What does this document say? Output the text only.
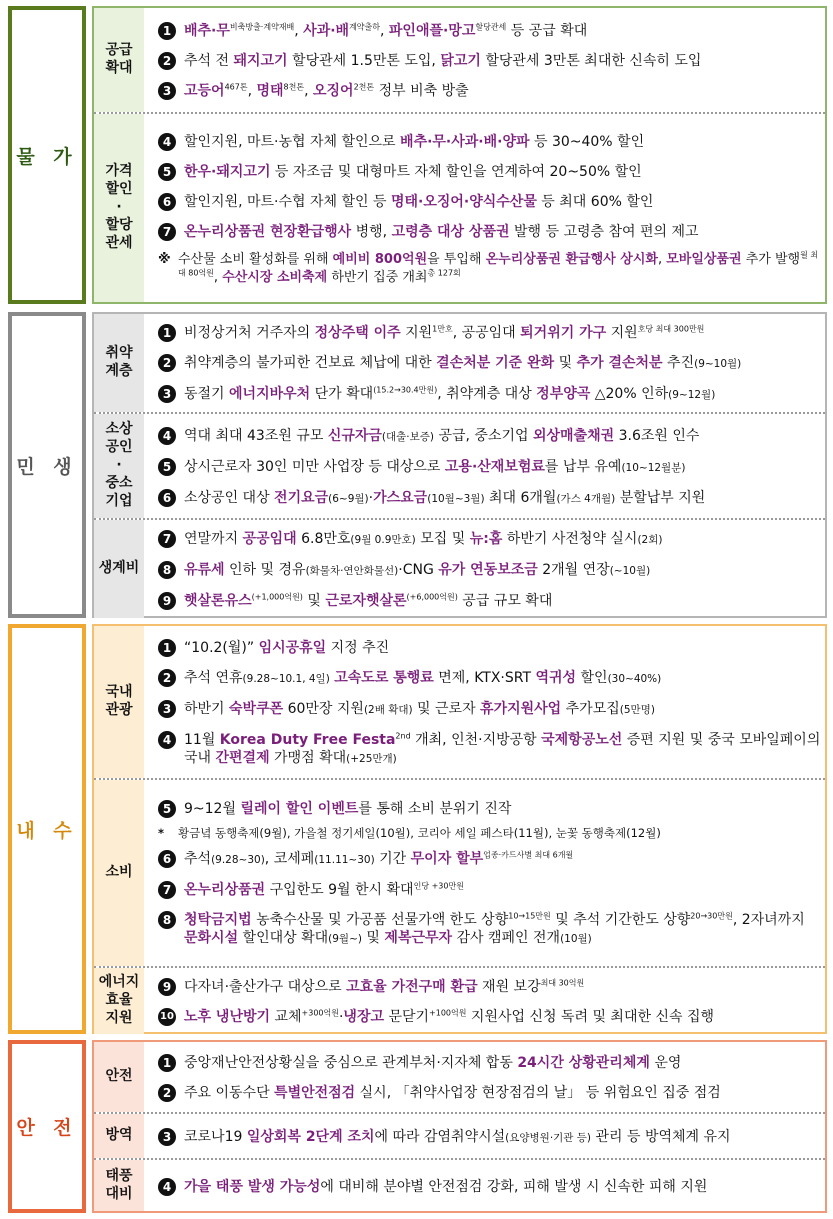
물 가
공급
확대
1 배추·무$^{비축방출\cdot 계약재배}$, 사과·배$^{계약출하}$, 파인애플·망고$^{할당관세}$ 등 공급 확대
2 추석 전 돼지고기 할당관세 1.5만톤 도입, 닭고기 할당관세 3만톤 최대한 신속히 도입
3 고등어$^{467톤}$, 명태$^{8천톤}$, 오징어$^{2천톤}$ 정부 비축 방출
가격
할인
·
할당
관세
4 할인지원, 마트·농협 자체 할인으로 배추·무·사과·배·양파 등 30~40% 할인
5 한우·돼지고기 등 자조금 및 대형마트 자체 할인을 연계하여 20~50% 할인
6 할인지원, 마트·수협 자체 할인 등 명태·오징어·양식수산물 등 최대 60% 할인
7 온누리상품권 현장환급행사 병행, 고령층 대상 상품권 발행 등 고령층 참여 편의 제고
※ 수산물 소비 활성화를 위해 예비비 800억원을 투입해 온누리상품권 환급행사 상시화, 모바일상품권 추가 발행$^{월 최대 80억원}$, 수산시장 소비축제 하반기 집중 개최$^{총 127회}$
민 생
취약
계층
1 비정상거처 거주자의 정상주택 이주 지원$^{1만호}$, 공공임대 퇴거위기 가구 지원$^{호당 최대 300만원}$
2 취약계층의 불가피한 건보료 체납에 대한 결손처분 기준 완화 및 추가 결손처분 추진(9~10월)
3 동절기 에너지바우처 단가 확대$^{(15.2\to 30.4만원)}$, 취약계층 대상 정부양곡 △20% 인하(9~12월)
소상
공인
·
중소
기업
4 역대 최대 43조원 규모 신규자금(대출·보증) 공급, 중소기업 외상매출채권 3.6조원 인수
5 상시근로자 30인 미만 사업장 등 대상으로 고용·산재보험료를 납부 유예(10~12월분)
6 소상공인 대상 전기요금(6~9월)·가스요금(10월~3월) 최대 6개월(가스 4개월) 분할납부 지원
생계비
7 연말까지 공공임대 6.8만호(9월 0.9만호) 모집 및 뉴:홈 하반기 사전청약 실시(2회)
8 유류세 인하 및 경유(화물차·연안화물선)·CNG 유가 연동보조금 2개월 연장(~10월)
9 햇살론유스$^{(+1,000억원)}$ 및 근로자햇살론$^{(+6,000억원)}$ 공급 규모 확대
내 수
국내
관광
1 “10.2(월)” 임시공휴일 지정 추진
2 추석 연휴(9.28~10.1, 4일) 고속도로 통행료 면제, KTX·SRT 역귀성 할인(30~40%)
3 하반기 숙박쿠폰 60만장 지원(2배 확대) 및 근로자 휴가지원사업 추가모집(5만명)
4 11월 Korea Duty Free Festa$^{2nd}$ 개최, 인천·지방공항 국제항공노선 증편 지원 및 중국 모바일페이의 국내 간편결제 가맹점 확대(+25만개)
소비
5 9~12월 릴레이 할인 이벤트를 통해 소비 분위기 진작
*	황금녘 동행축제(9월), 가을철 정기세일(10월), 코리아 세일 페스타(11월), 눈꽃 동행축제(12월)
6 추석(9.28~30), 코세페(11.11~30) 기간 무이자 할부$^{업종\cdot 카드사별 최대 6개월}$
7 온누리상품권 구입한도 9월 한시 확대$^{인당 +30만원}$
8 청탁금지법 농축수산물 및 가공품 선물가액 한도 상향$^{10\to 15만원}$ 및 추석 기간한도 상향$^{20\to 30만원}$, 2자녀까지 문화시설 할인대상 확대(9월~) 및 제복근무자 감사 캠페인 전개(10월)
에너지
효율
지원
9 다자녀·출산가구 대상으로 고효율 가전구매 환급 재원 보강$^{최대 30억원}$
10 노후 냉난방기 교체$^{+300억원}$·냉장고 문닫기$^{+100억원}$ 지원사업 신청 독려 및 최대한 신속 집행
안 전
안전
1 중앙재난안전상황실을 중심으로 관계부처·지자체 합동 24시간 상황관리체계 운영
2 주요 이동수단 특별안전점검 실시, 「취약사업장 현장점검의 날」 등 위험요인 집중 점검
방역	3 코로나19 일상회복 2단계 조치에 따라 감염취약시설(요양병원·기관 등) 관리 등 방역체계 유지
태풍
대비	4 가을 태풍 발생 가능성에 대비해 분야별 안전점검 강화, 피해 발생 시 신속한 피해 지원
